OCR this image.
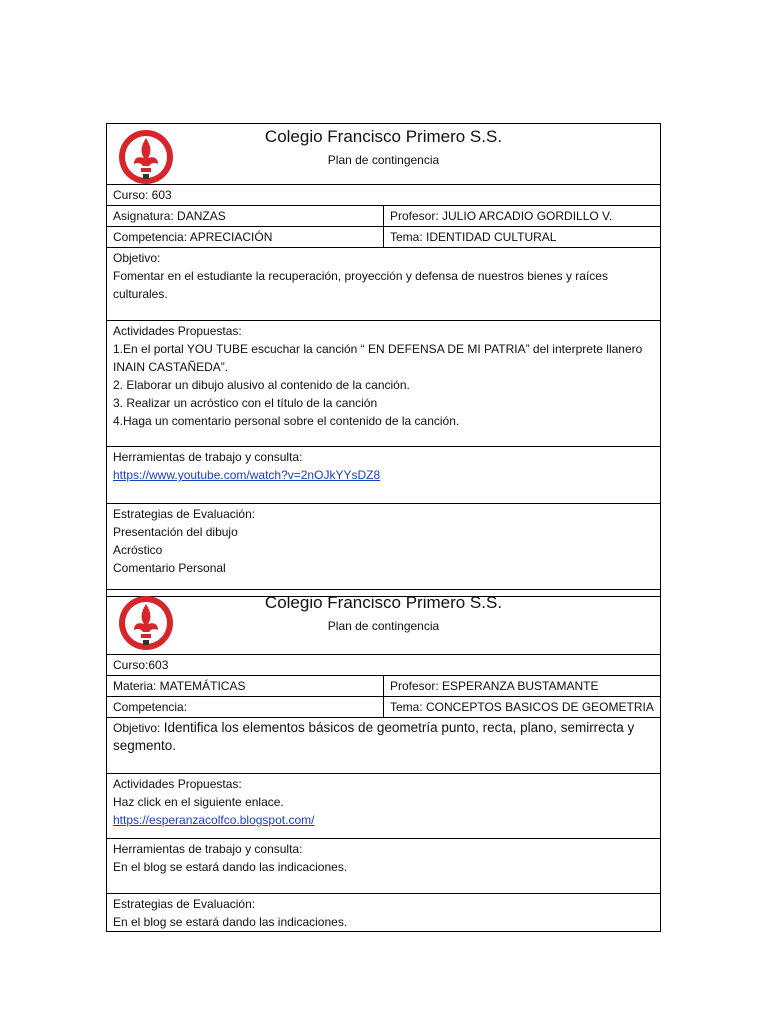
Colegio Francisco Primero S.S.
Plan de contingencia
Curso: 603
Asignatura: DANZAS	Profesor: JULIO ARCADIO GORDILLO V.
Competencia: APRECIACIÓN	Tema: IDENTIDAD CULTURAL

Objetivo:

Fomentar en el estudiante la recuperación, proyección y defensa de nuestros bienes y raíces culturales.

Actividades Propuestas:

1.En el portal YOU TUBE escuchar la canción “ EN DEFENSA DE MI PATRIA” del interprete llanero INAIN CASTAÑEDA”.

2. Elaborar un dibujo alusivo al contenido de la canción.

3. Realizar un acróstico con el título de la canción

4.Haga un comentario personal sobre el contenido de la canción.

Herramientas de trabajo y consulta:

https://www.youtube.com/watch?v=2nOJkYYsDZ8

Estrategias de Evaluación:

Presentación del dibujo

Acróstico

Comentario Personal

Colegio Francisco Primero S.S.
Plan de contingencia
Curso:603
Materia: MATEMÁTICAS	Profesor: ESPERANZA BUSTAMANTE
Competencia:	Tema: CONCEPTOS BASICOS DE GEOMETRIA

Objetivo: Identifica los elementos básicos de geometría punto, recta, plano, semirrecta y segmento.

Actividades Propuestas:

Haz click en el siguiente enlace.

https://esperanzacolfco.blogspot.com/

Herramientas de trabajo y consulta:

En el blog se estará dando las indicaciones.

Estrategias de Evaluación:

En el blog se estará dando las indicaciones.
